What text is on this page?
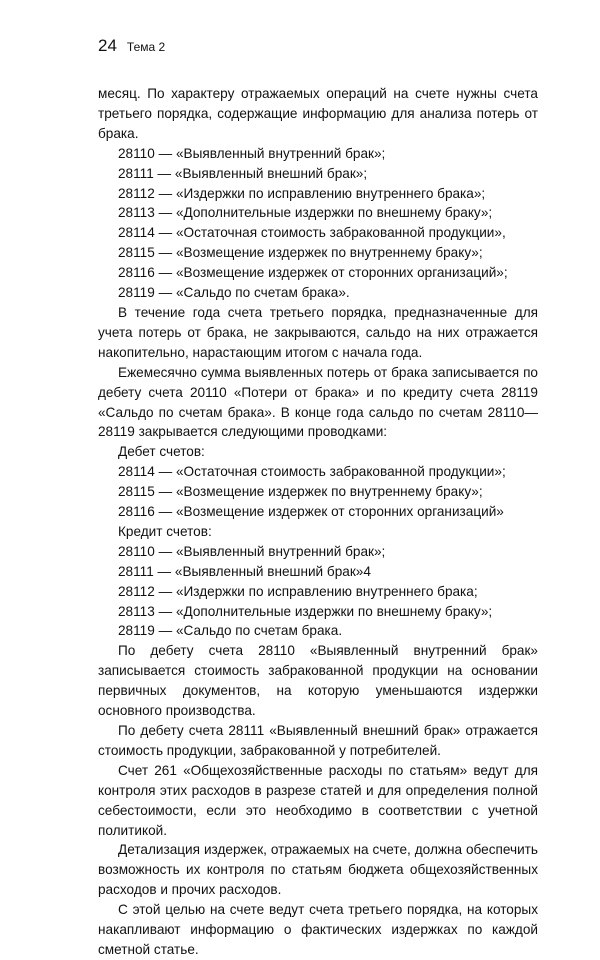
24 Тема 2

месяц. По характеру отражаемых операций на счете нужны счета третьего порядка, содержащие информацию для анализа потерь от брака.

28110 — «Выявленный внутренний брак»;

28111 — «Выявленный внешний брак»;

28112 — «Издержки по исправлению внутреннего брака»;

28113 — «Дополнительные издержки по внешнему браку»;

28114 — «Остаточная стоимость забракованной продукции»,

28115 — «Возмещение издержек по внутреннему браку»;

28116 — «Возмещение издержек от сторонних организаций»;

28119 — «Сальдо по счетам брака».

В течение года счета третьего порядка, предназначенные для учета потерь от брака, не закрываются, сальдо на них отражается накопительно, нарастающим итогом с начала года.

Ежемесячно сумма выявленных потерь от брака записывается по дебету счета 20110 «Потери от брака» и по кредиту счета 28119 «Сальдо по счетам брака». В конце года сальдо по счетам 28110—28119 закрывается следующими проводками:

Дебет счетов:

28114 — «Остаточная стоимость забракованной продукции»;

28115 — «Возмещение издержек по внутреннему браку»;

28116 — «Возмещение издержек от сторонних организаций»

Кредит счетов:

28110 — «Выявленный внутренний брак»;

28111 — «Выявленный внешний брак»4

28112 — «Издержки по исправлению внутреннего брака;

28113 — «Дополнительные издержки по внешнему браку»;

28119 — «Сальдо по счетам брака.

По дебету счета 28110 «Выявленный внутренний брак» записывается стоимость забракованной продукции на основании первичных документов, на которую уменьшаются издержки основного производства.

По дебету счета 28111 «Выявленный внешний брак» отражается стоимость продукции, забракованной у потребителей.

Счет 261 «Общехозяйственные расходы по статьям» ведут для контроля этих расходов в разрезе статей и для определения полной себестоимости, если это необходимо в соответствии с учетной политикой.

Детализация издержек, отражаемых на счете, должна обеспечить возможность их контроля по статьям бюджета общехозяйственных расходов и прочих расходов.

С этой целью на счете ведут счета третьего порядка, на которых накапливают информацию о фактических издержках по каждой сметной статье.
